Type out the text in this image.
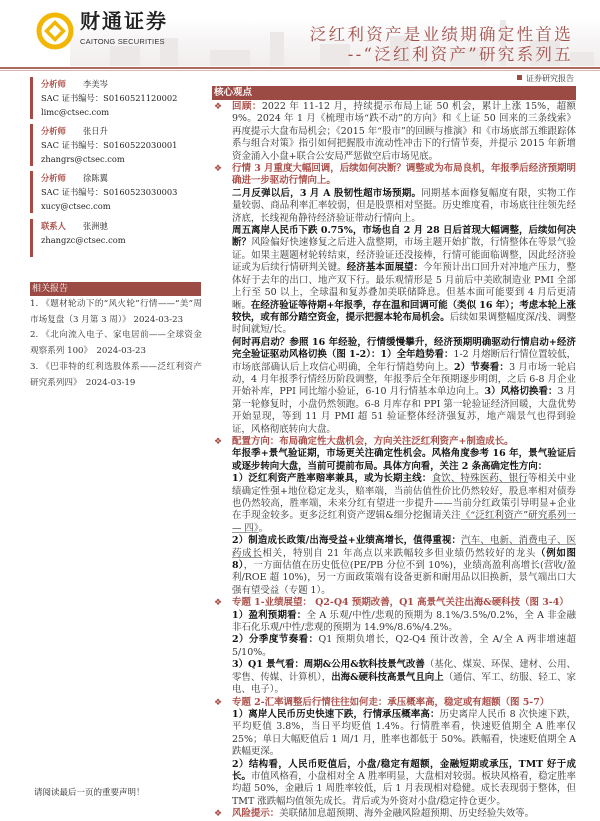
财通证券
CAITONG SECURITIES	泛红利资产是业绩期确定性首选
--“泛红利资产”研究系列五
证券研究报告
分析师 李美岑
SAC 证书编号：S0160521120002
limc@ctsec.com
分析师 张日升
SAC 证书编号：S0160522030001
zhangrs@ctsec.com
分析师 徐陈翼
SAC 证书编号：S0160523030003
xucy@ctsec.com
联系人 张洲驰
zhangzc@ctsec.com
相关报告
1. 《题材轮动下的“风火轮”行情——“美”周市场复盘（3 月第 3 周）》 2024-03-23
2. 《北向流入电子、家电居前——全球资金观察系列 100》　2024-03-23
3. 《巴菲特的红利选股体系——泛红利资产研究系列四》　2024-03-19
核心观点

❖ 回顾：2022 年 11-12 月，持续提示布局上证 50 机会，累计上涨 15%，超额 9%。2024 年 1 月《梳理市场“跌不动”的方向》和《上证 50 回来的三条线索》再度提示大盘布局机会；《2015 年“股市”的回顾与推演》和《市场底部五维跟踪体系与组合对策》指引如何把握股市流动性冲击下的行情节奏，并提示 2015 年新增资金涌入小盘+联合公安局严惩做空后市场见底。

❖ 行情 3 月重度大幅回调，后续如何决断？调整或为布局良机，年报季后经济预期明确进一步驱动行情向上。

二月反弹以后，3 月 A 股韧性超市场预期。同期基本面修复幅度有限，实物工作量较弱、商品利率汇率较弱，但是股票相对坚挺。历史维度看，市场底往往领先经济底，长线视角静待经济验证带动行情向上。

周五离岸人民币下跌 0.75%，市场也自 2 月 28 日后首现大幅调整，后续如何决断？风险偏好快速修复之后进入盘整期，市场主题开始扩散，行情整体在等景气验证。如果主题题材轮转结束，经济验证还没接棒，行情可能面临调整，因此经济验证或为后续行情研判关键。经济基本面展望：今年预计出口回升对冲地产压力，整体好于去年的出口、地产双下行。最乐观情形是 5 月前后中美欧制造业 PMI 全部上行至 50 以上，全球温和复苏叠加美联储降息。但基本面可能要到 4 月后更清晰。在经济验证等待期+年报季，存在温和回调可能（类似 16 年）；考虑本轮上涨较快，或有部分踏空资金，提示把握本轮布局机会。后续如果调整幅度深/浅、调整时间就短/长。

何时再启动？参照 16 年经验，行情缓慢攀升，经济预期明确驱动行情启动+经济完全验证驱动风格切换（图 1-2）：1）全年趋势看：1-2 月熔断后行情位置较低，市场底部确认后上攻信心明确，全年行情趋势向上。2）节奏看：3 月市场一轮启动，4 月年报季行情经历阶段调整，年报季后全年预期逐步明朗，之后 6-8 月企业开始补库，PPI 同比缩小验证，6-10 月行情基本单边向上。3）风格切换看：3 月第一轮修复时，小盘仍然领跑。6-8 月库存和 PPI 第一轮验证经济回暖，大盘优势开始显现，等到 11 月 PMI 超 51 验证整体经济强复苏，地产端景气也得到验证，风格彻底转向大盘。

❖ 配置方向：布局确定性大盘机会，方向关注泛红利资产+制造成长。

年报季+景气验证期，市场更关注确定性机会。风格角度参考 16 年，景气验证后或逐步转向大盘，当前可提前布局。具体方向看，关注 2 条高确定性方向：

1）泛红利资产胜率赔率兼具，或为长期主线：食饮、特殊医药、银行等相关中业绩确定性强+地位稳定龙头，赔率端，当前估值性价比仍然较好，股息率相对债券也仍然较高，胜率端，未来分红有望进一步提升——当前分红政策引导明显+企业在手现金较多。更多泛红利资产逻辑&细分挖掘请关注《“泛红利资产”研究系列一 — 四》。

2）制造成长政策/出海受益+业绩高增长，值得重视：汽车、电新、消费电子、医药成长相关，特别自 21 年高点以来跌幅较多但业绩仍然较好的龙头（例如图 8），一方面估值在历史低位(PE/PB 分位不到 10%)，业绩高盈利高增长(营收/盈利/ROE 超 10%)，另一方面政策端有设备更新和耐用品以旧换新，景气端出口大强有望受益（专题 1）。

❖ 专题 1-业绩展望： Q2-Q4 预期改善，Q1 高景气关注出海&硬科技（图 3-4）

1）盈利预期看：全 A 乐观/中性/悲观的预期为 8.1%/3.5%/0.2%，全 A 非金融非石化乐观/中性/悲观的预期为 14.9%/8.6%/4.2%。

2）分季度节奏看：Q1 预期负增长，Q2-Q4 预计改善，全 A/全 A 两非增速超 5/10%。

3）Q1 景气看：周期&公用&软科技景气改善（基化、煤炭、环保、建材、公用、零售、传媒、计算机），出海&硬科技高景气且向上（通信、军工、纺服、轻工、家电、电子）。

❖ 专题 2-汇率调整后行情往往如何走：承压概率高，稳定或有超额（图 5-7）

1）离岸人民币历史快速下跌，行情承压概率高：历史离岸人民币 8 次快速下跌，平均贬值 3.8%，当日平均贬值 1.4%。行情胜率看，快速贬值期全 A 胜率仅 25%；单日大幅贬值后 1 周/1 月，胜率也都低于 50%。跌幅看，快速贬值期全 A 跌幅更深。

2）结构看，人民币贬值后，小盘/稳定有超额，金融短期或承压，TMT 好于成长。市值风格看，小盘相对全 A 胜率明显，大盘相对较弱。板块风格看，稳定胜率均超 50%，金融后 1 周胜率较低，后 1 月表现相对稳健。成长表现弱于整体，但 TMT 涨跌幅均值领先成长。背后或为外资对小盘/稳定持仓更少。

❖ 风险提示：美联储加息超预期、海外金融风险超预期、历史经验失效等。

请阅读最后一页的重要声明！
